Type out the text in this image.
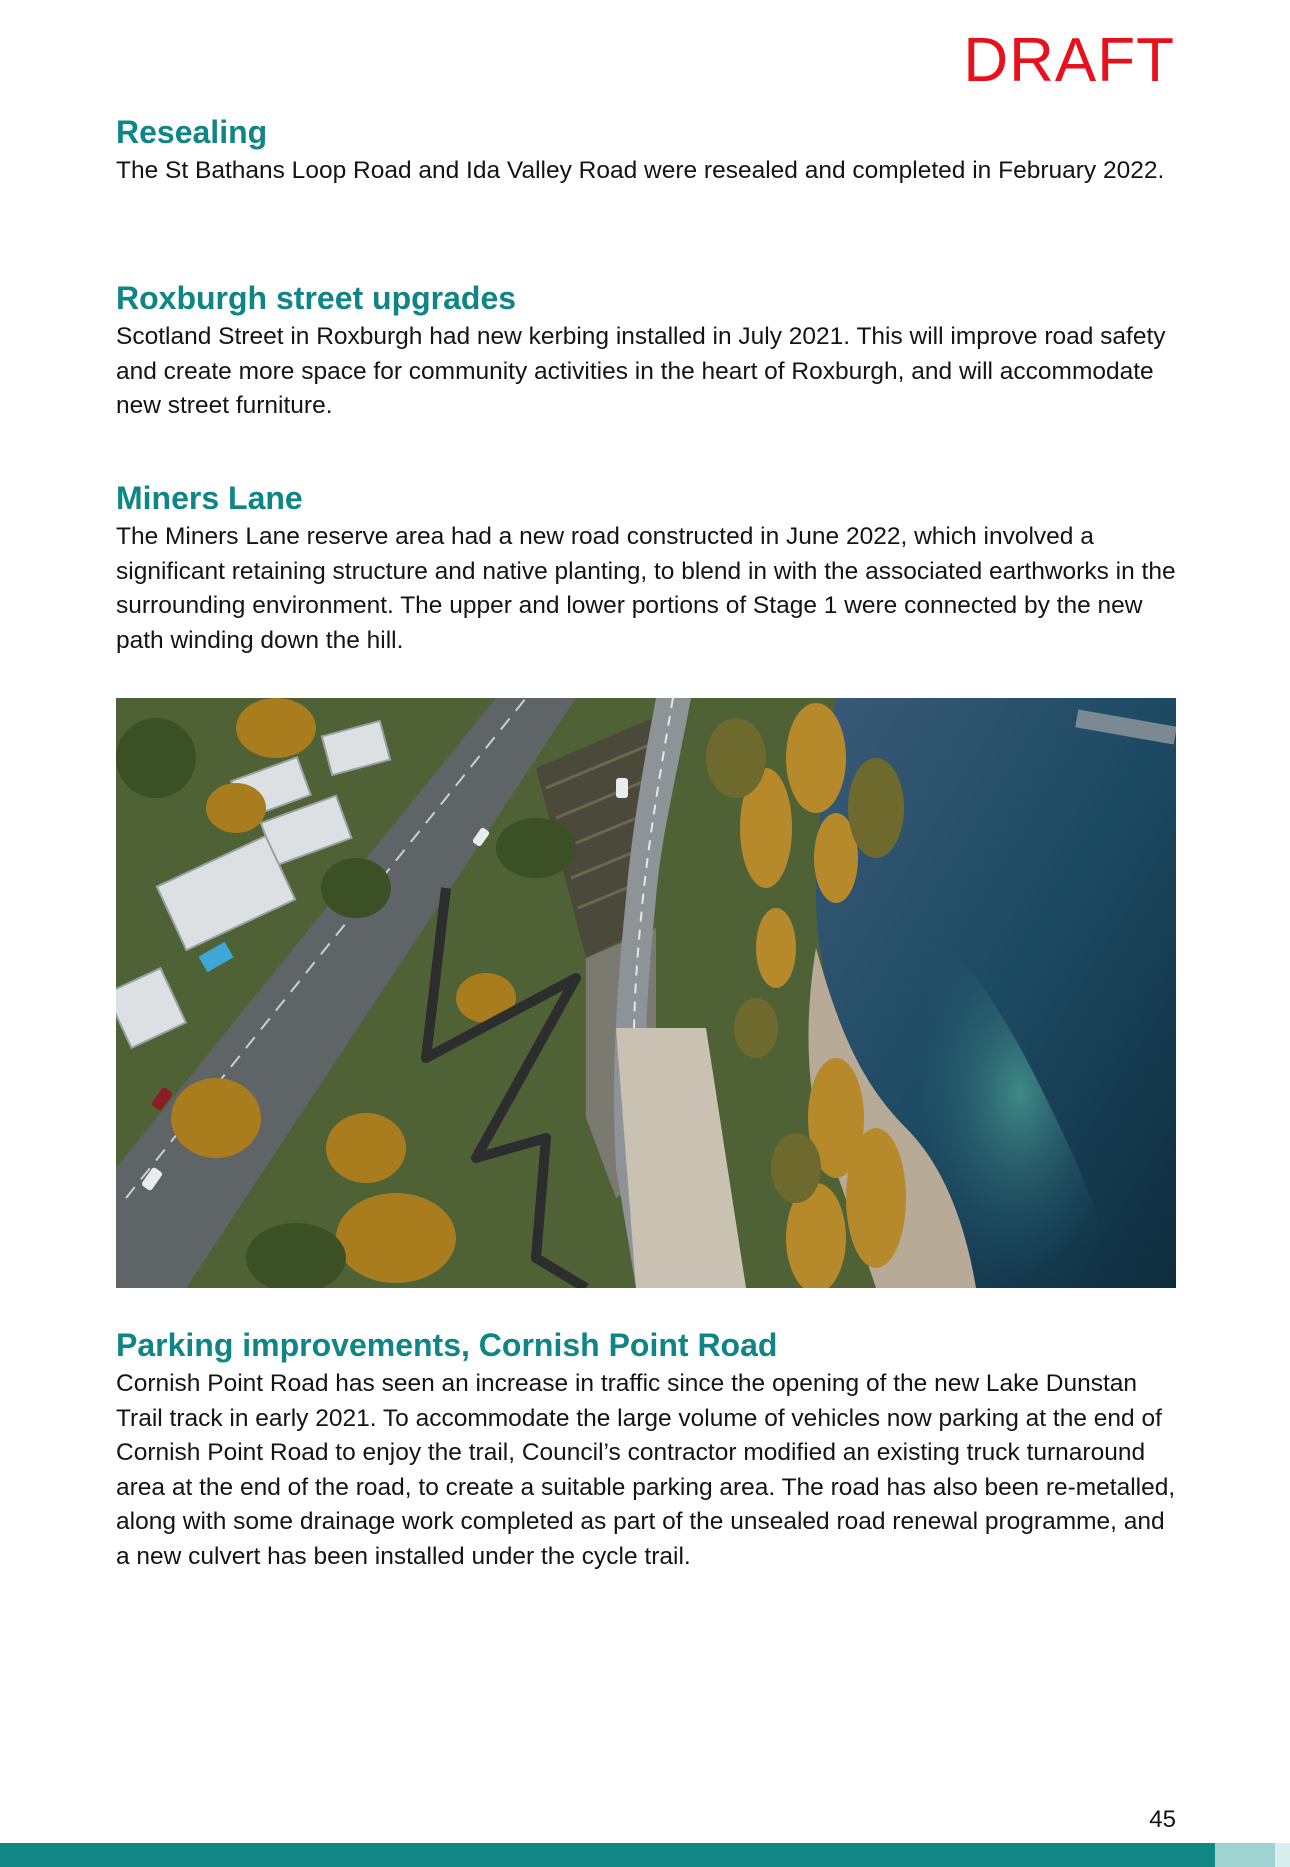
DRAFT
Resealing

The St Bathans Loop Road and Ida Valley Road were resealed and completed in February 2022.

Roxburgh street upgrades

Scotland Street in Roxburgh had new kerbing installed in July 2021. This will improve road safety and create more space for community activities in the heart of Roxburgh, and will accommodate new street furniture.

Miners Lane

The Miners Lane reserve area had a new road constructed in June 2022, which involved a significant retaining structure and native planting, to blend in with the associated earthworks in the surrounding environment. The upper and lower portions of Stage 1 were connected by the new path winding down the hill.

Parking improvements, Cornish Point Road

Cornish Point Road has seen an increase in traffic since the opening of the new Lake Dunstan Trail track in early 2021. To accommodate the large volume of vehicles now parking at the end of Cornish Point Road to enjoy the trail, Council’s contractor modified an existing truck turnaround area at the end of the road, to create a suitable parking area. The road has also been re-metalled, along with some drainage work completed as part of the unsealed road renewal programme, and a new culvert has been installed under the cycle trail.

45
